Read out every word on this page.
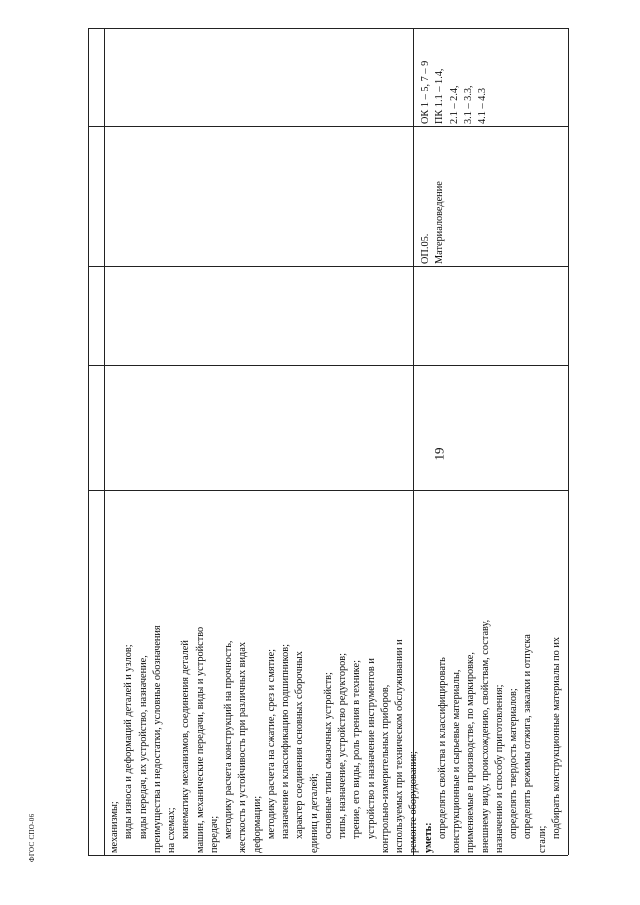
19
ФГОС СПО-06

ОК 1 – 5, 7 – 9 ПК 1.1 – 1.4, 2.1 – 2.4, 3.1 – 3.3, 4.1 – 4.3

ОП.05. Материаловедение

механизмы; виды износа и деформаций деталей и узлов; виды передач, их устройство, назначение, преимущества и недостатки, условные обозначения на схемах; кинематику механизмов, соединения деталей машин, механические передачи, виды и устройство передач; методику расчета конструкций на прочность, жесткость и устойчивость при различных видах деформации; методику расчета на сжатие, срез и смятие; назначение и классификацию подшипников; характер соединения основных сборочных единиц и деталей; основные типы смазочных устройств; типы, назначение, устройство редукторов; трение, его виды, роль трения в технике; устройство и назначение инструментов и контрольно-измерительных приборов, используемых при техническом обслуживании и ремонте оборудования; уметь: определять свойства и классифицировать конструкционные и сырьевые материалы, применяемые в производстве, по маркировке, внешнему виду, происхождению, свойствам, составу, назначению и способу приготовления; определять твердость материалов; определять режимы отжига, закалки и отпуска

стали;

подбирать конструкционные материалы по их
